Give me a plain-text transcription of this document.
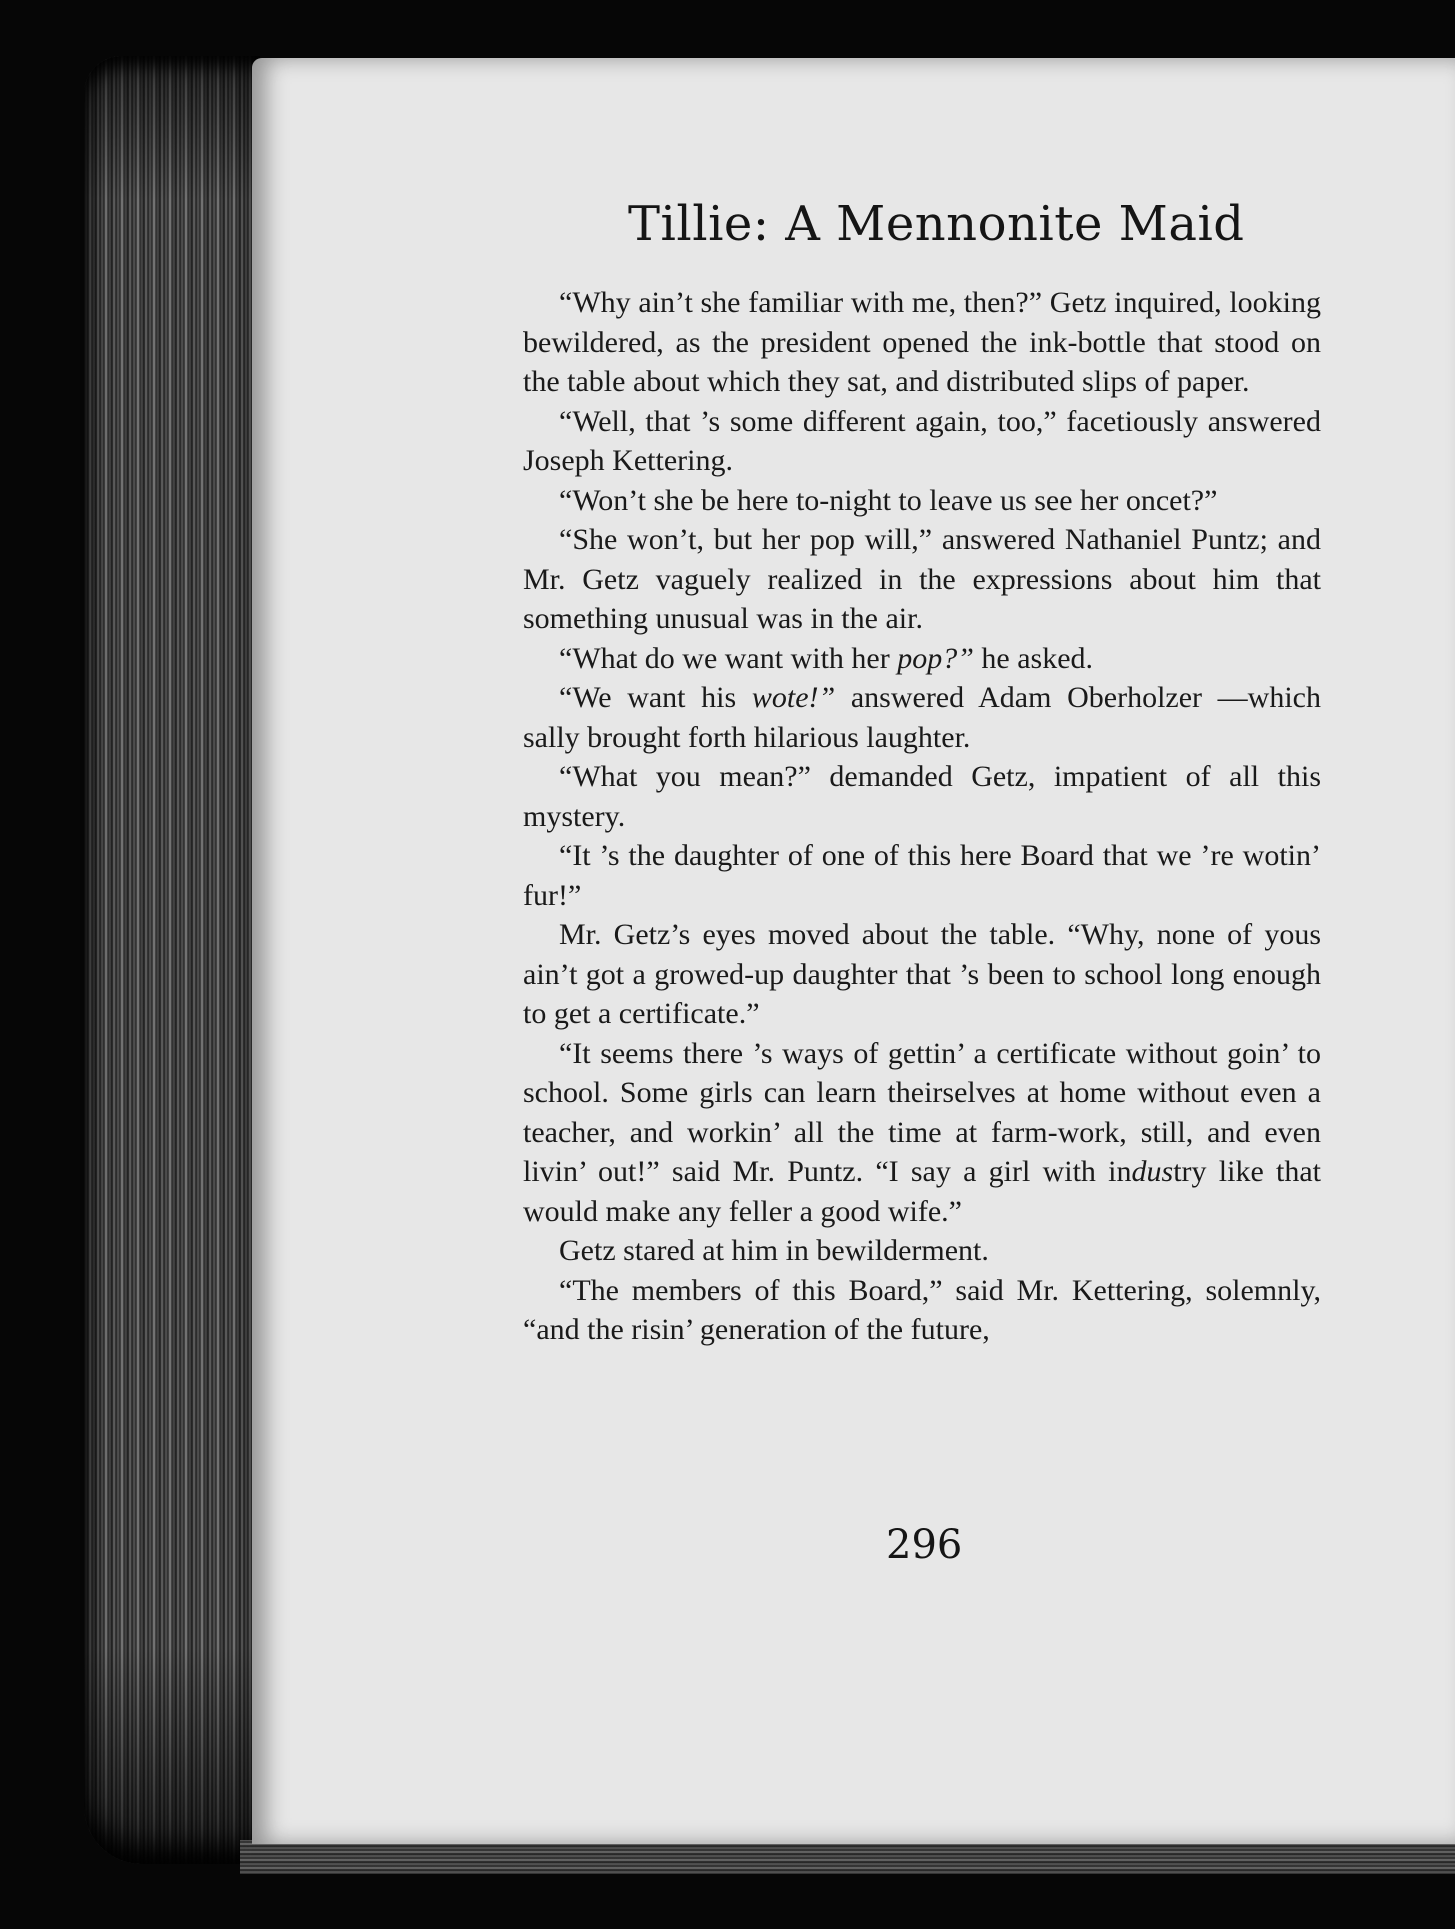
Tillie: A Mennonite Maid

“Why ain’t she familiar with me, then?” Getz inquired, looking bewildered, as the president opened the ink-bottle that stood on the table about which they sat, and distributed slips of paper.

“Well, that ’s some different again, too,” facetiously answered Joseph Kettering.

“Won’t she be here to-night to leave us see her oncet?”

“She won’t, but her pop will,” answered Nathaniel Puntz; and Mr. Getz vaguely realized in the expressions about him that something unusual was in the air.

“What do we want with her pop?” he asked.

“We want his wote!” answered Adam Oberholzer —which sally brought forth hilarious laughter.

“What you mean?” demanded Getz, impatient of all this mystery.

“It ’s the daughter of one of this here Board that we ’re wotin’ fur!”

Mr. Getz’s eyes moved about the table. “Why, none of yous ain’t got a growed-up daughter that ’s been to school long enough to get a certificate.”

“It seems there ’s ways of gettin’ a certificate without goin’ to school. Some girls can learn theirselves at home without even a teacher, and workin’ all the time at farm-work, still, and even livin’ out!” said Mr. Puntz. “I say a girl with industry like that would make any feller a good wife.”

Getz stared at him in bewilderment.

“The members of this Board,” said Mr. Kettering, solemnly, “and the risin’ generation of the future,

296
